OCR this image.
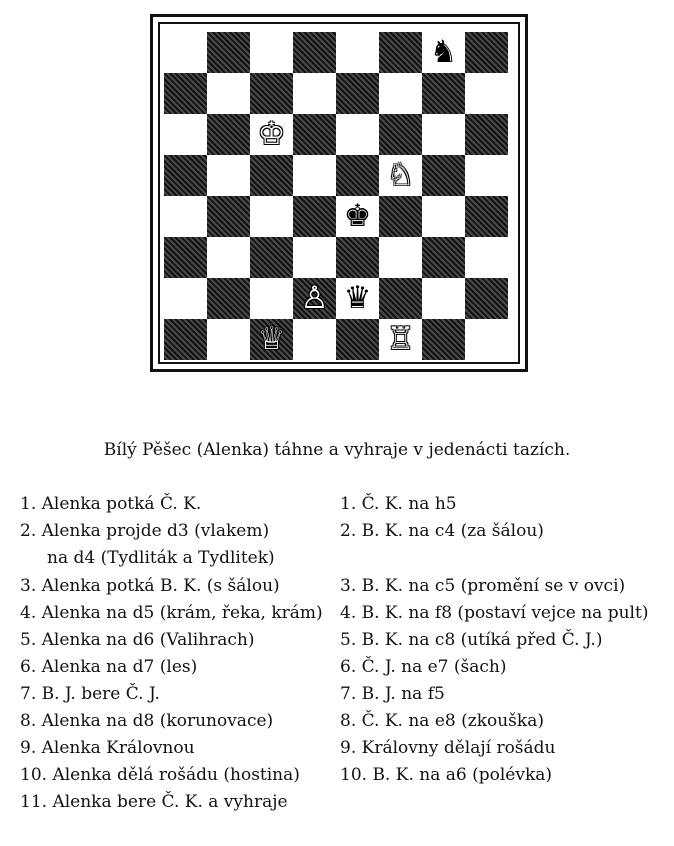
♞
♔
♘
♚
♙ ♛
♕	♖
Bílý Pěšec (Alenka) táhne a vyhraje v jedenácti tazích.
1. Alenka potká Č. K.
2. Alenka projde d3 (vlakem)
na d4 (Tydliták a Tydlitek)
3. Alenka potká B. K. (s šálou)
4. Alenka na d5 (krám, řeka, krám)
5. Alenka na d6 (Valihrach)
6. Alenka na d7 (les)
7. B. J. bere Č. J.
8. Alenka na d8 (korunovace)
9. Alenka Královnou
10. Alenka dělá rošádu (hostina)
11. Alenka bere Č. K. a vyhraje
1. Č. K. na h5
2. B. K. na c4 (za šálou)
3. B. K. na c5 (promění se v ovci)
4. B. K. na f8 (postaví vejce na pult)
5. B. K. na c8 (utíká před Č. J.)
6. Č. J. na e7 (šach)
7. B. J. na f5
8. Č. K. na e8 (zkouška)
9. Královny dělají rošádu
10. B. K. na a6 (polévka)
